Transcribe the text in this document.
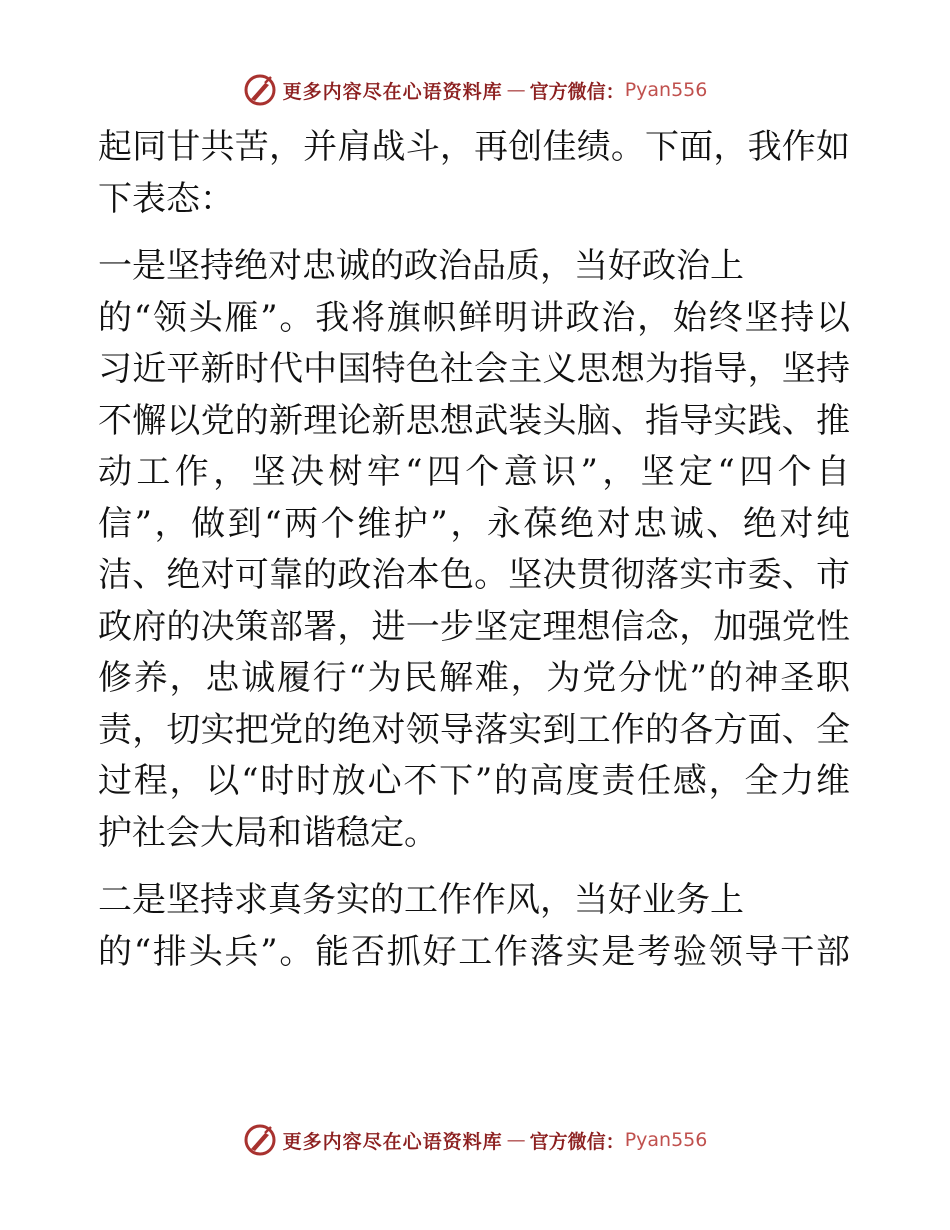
更多内容尽在心语资料库 — 官方微信： Pyan556
起同甘共苦，并肩战斗，再创佳绩。下面，我作如
下表态：
一是坚持绝对忠诚的政治品质，当好政治上
的“领头雁”。我将旗帜鲜明讲政治，始终坚持以
习近平新时代中国特色社会主义思想为指导，坚持
不懈以党的新理论新思想武装头脑、指导实践、推
动工作，坚决树牢“四个意识”，坚定“四个自
信”，做到“两个维护”，永葆绝对忠诚、绝对纯
洁、绝对可靠的政治本色。坚决贯彻落实市委、市
政府的决策部署，进一步坚定理想信念，加强党性
修养，忠诚履行“为民解难，为党分忧”的神圣职
责，切实把党的绝对领导落实到工作的各方面、全
过程，以“时时放心不下”的高度责任感，全力维
护社会大局和谐稳定。
二是坚持求真务实的工作作风，当好业务上
的“排头兵”。能否抓好工作落实是考验领导干部
更多内容尽在心语资料库 — 官方微信： Pyan556
